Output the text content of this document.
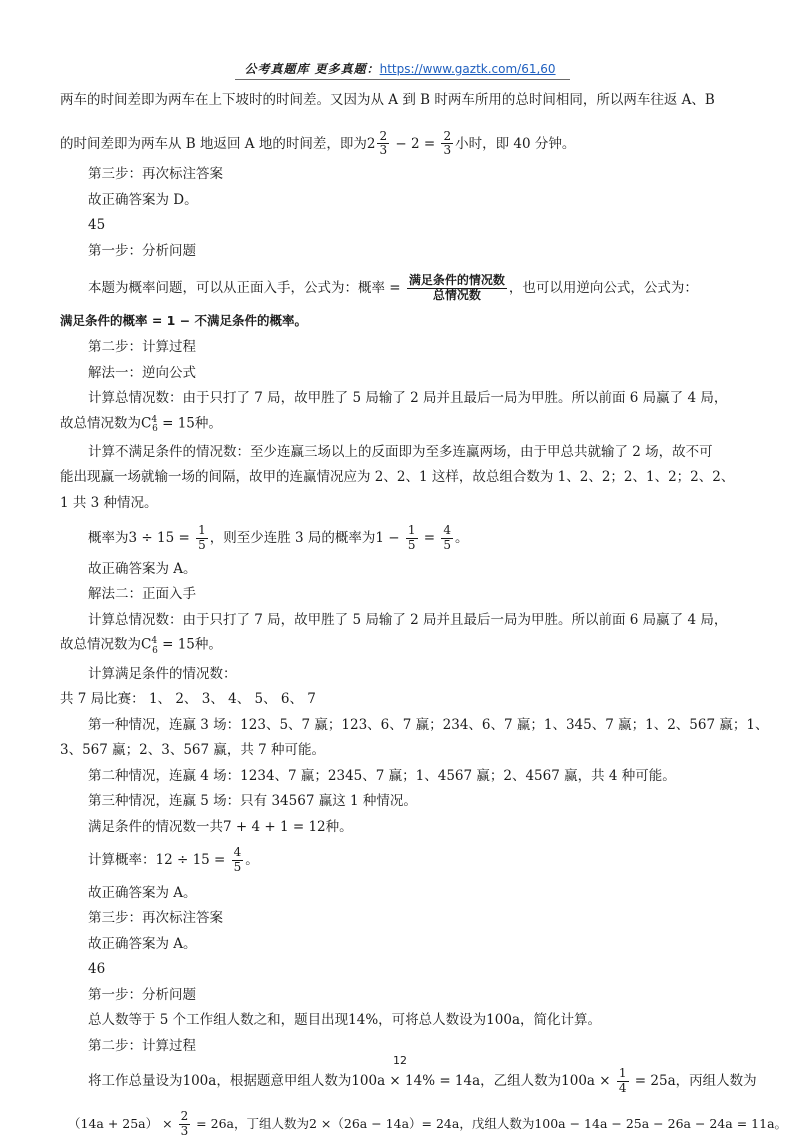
公考真题库 更多真题：https://www.gaztk.com/61,60
两车的时间差即为两车在上下坡时的时间差。又因为从 A 到 B 时两车所用的总时间相同，所以两车往返 A、B
的时间差即为两车从 B 地返回 A 地的时间差，即为$2 \frac{2}{3} - 2 = \frac{2}{3}$ 小时，即 40 分钟。
第三步：再次标注答案
故正确答案为 D。
45
第一步：分析问题
本题为概率问题，可以从正面入手，公式为：概率 = $\frac{\text{满足条件的情况数}}{\text{总情况数}}$ ，也可以用逆向公式，公式为：
满足条件的概率 = 1 − 不满足条件的概率。
第二步：计算过程
解法一：逆向公式
计算总情况数：由于只打了 7 局，故甲胜了 5 局输了 2 局并且最后一局为甲胜。所以前面 6 局赢了 4 局，
故总情况数为$C^4_6 = 15$种。
计算不满足条件的情况数：至少连赢三场以上的反面即为至多连赢两场，由于甲总共就输了 2 场，故不可
能出现赢一场就输一场的间隔，故甲的连赢情况应为 2、2、1 这样，故总组合数为 1、2、2；2、1、2；2、2、
1 共 3 种情况。
概率为$3 \div 15 = \frac{1}{5}$ ，则至少连胜 3 局的概率为$1 - \frac{1}{5} = \frac{4}{5}$ 。
故正确答案为 A。
解法二：正面入手
计算总情况数：由于只打了 7 局，故甲胜了 5 局输了 2 局并且最后一局为甲胜。所以前面 6 局赢了 4 局，
故总情况数为$C^4_6 = 15$种。
计算满足条件的情况数：
共 7 局比赛： 1、 2、 3、 4、 5、 6、 7
第一种情况，连赢 3 场：123、5、7 赢；123、6、7 赢；234、6、7 赢；1、345、7 赢；1、2、567 赢；1、
3、567 赢；2、3、567 赢，共 7 种可能。
第二种情况，连赢 4 场：1234、7 赢；2345、7 赢；1、4567 赢；2、4567 赢，共 4 种可能。
第三种情况，连赢 5 场：只有 34567 赢这 1 种情况。
满足条件的情况数一共7 + 4 + 1 = 12种。
计算概率：$12 \div 15 = \frac{4}{5}$ 。
故正确答案为 A。
第三步：再次标注答案
故正确答案为 A。
46
第一步：分析问题
总人数等于 5 个工作组人数之和，题目出现14%，可将总人数设为100a，简化计算。
第二步：计算过程
将工作总量设为100a，根据题意甲组人数为100a × 14% = 14a，乙组人数为$100a \times \frac{1}{4} = 25a$，丙组人数为
$(14a + 25a) \times \frac{2}{3} = 26a$，丁组人数为2 ×（26a − 14a）= 24a，戊组人数为100a − 14a − 25a − 26a − 24a = 11a。
12
